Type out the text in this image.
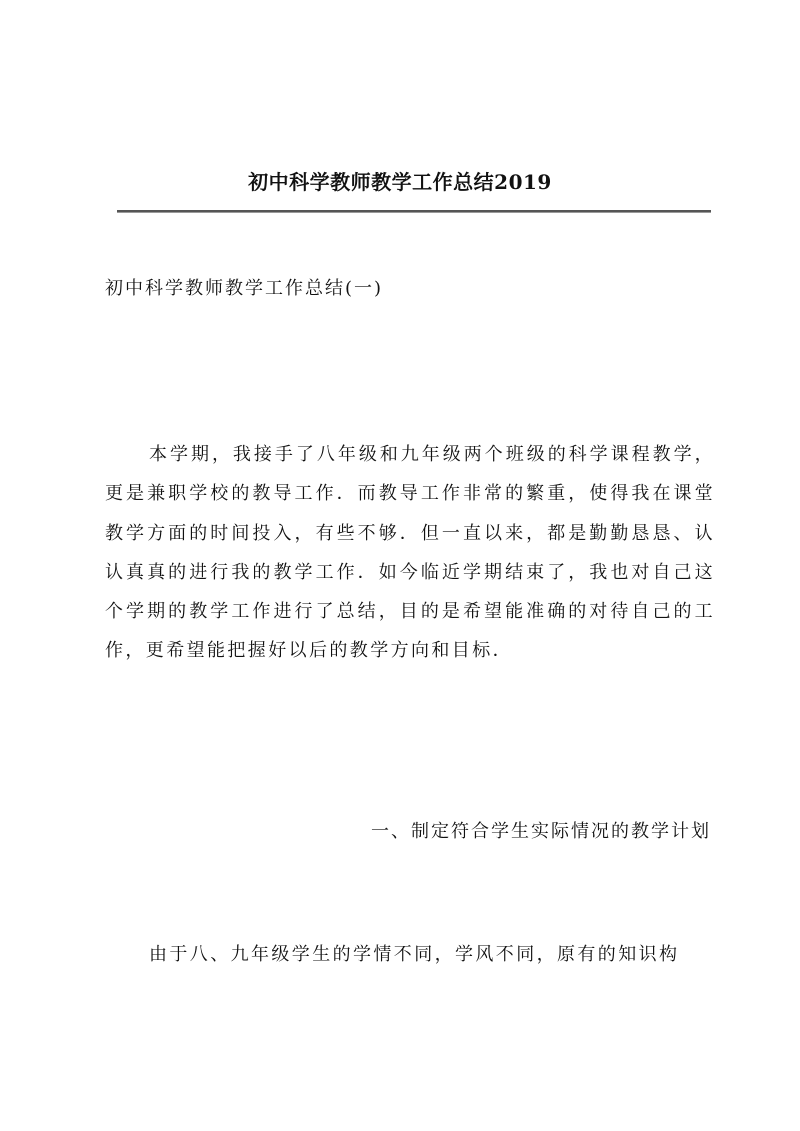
初中科学教师教学工作总结2019
初中科学教师教学工作总结(一)

本学期，我接手了八年级和九年级两个班级的科学课程教学，更是兼职学校的教导工作．而教导工作非常的繁重，使得我在课堂教学方面的时间投入，有些不够．但一直以来，都是勤勤恳恳、认认真真的进行我的教学工作．如今临近学期结束了，我也对自己这个学期的教学工作进行了总结，目的是希望能准确的对待自己的工作，更希望能把握好以后的教学方向和目标．

一、制定符合学生实际情况的教学计划

由于八、九年级学生的学情不同，学风不同，原有的知识构
